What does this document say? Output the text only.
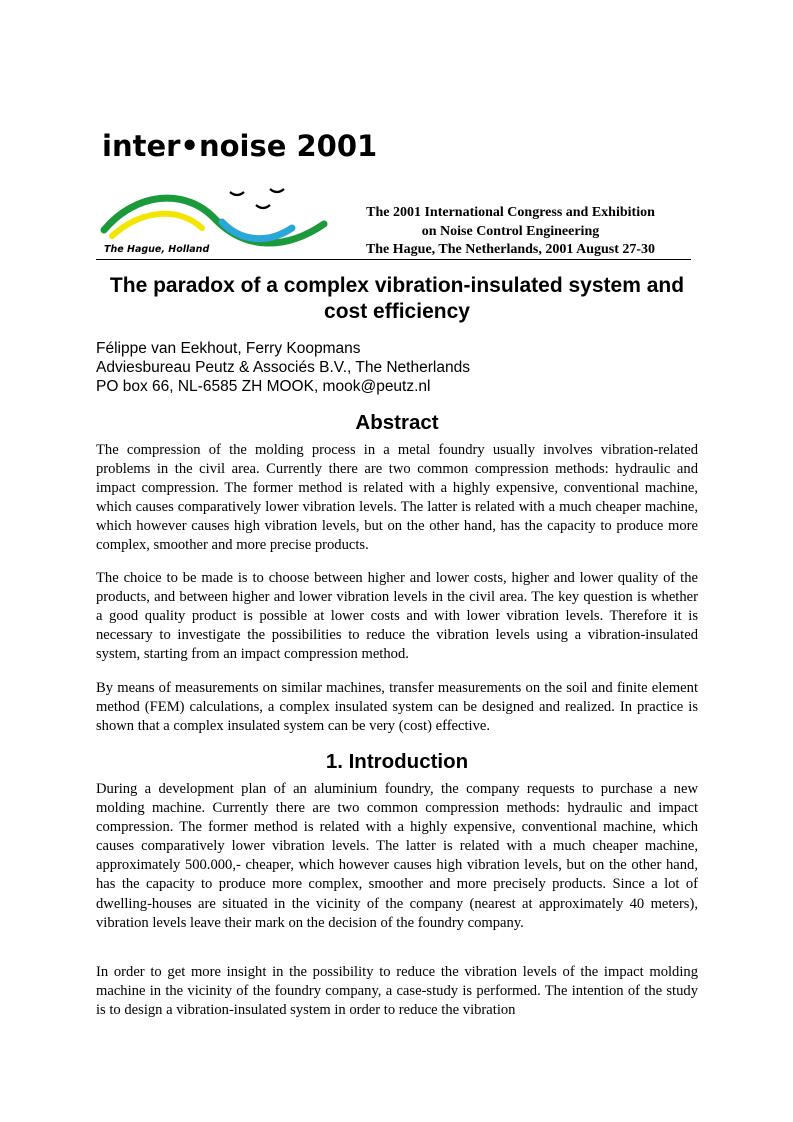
inter•noise 2001
The Hague, Holland
The 2001 International Congress and Exhibition
on Noise Control Engineering
The Hague, The Netherlands, 2001 August 27-30
The paradox of a complex vibration-insulated system and cost efficiency
Félippe van Eekhout, Ferry Koopmans
Adviesbureau Peutz & Associés B.V., The Netherlands
PO box 66, NL-6585 ZH MOOK, mook@peutz.nl
Abstract

The compression of the molding process in a metal foundry usually involves vibration-related problems in the civil area. Currently there are two common compression methods: hydraulic and impact compression. The former method is related with a highly expensive, conventional machine, which causes comparatively lower vibration levels. The latter is related with a much cheaper machine, which however causes high vibration levels, but on the other hand, has the capacity to produce more complex, smoother and more precise products.

The choice to be made is to choose between higher and lower costs, higher and lower quality of the products, and between higher and lower vibration levels in the civil area. The key question is whether a good quality product is possible at lower costs and with lower vibration levels. Therefore it is necessary to investigate the possibilities to reduce the vibration levels using a vibration-insulated system, starting from an impact compression method.

By means of measurements on similar machines, transfer measurements on the soil and finite element method (FEM) calculations, a complex insulated system can be designed and realized. In practice is shown that a complex insulated system can be very (cost) effective.

1. Introduction

During a development plan of an aluminium foundry, the company requests to purchase a new molding machine. Currently there are two common compression methods: hydraulic and impact compression. The former method is related with a highly expensive, conventional machine, which causes comparatively lower vibration levels. The latter is related with a much cheaper machine, approximately 500.000,- cheaper, which however causes high vibration levels, but on the other hand, has the capacity to produce more complex, smoother and more precisely products. Since a lot of dwelling-houses are situated in the vicinity of the company (nearest at approximately 40 meters), vibration levels leave their mark on the decision of the foundry company.

In order to get more insight in the possibility to reduce the vibration levels of the impact molding machine in the vicinity of the foundry company, a case-study is performed. The intention of the study is to design a vibration-insulated system in order to reduce the vibration
